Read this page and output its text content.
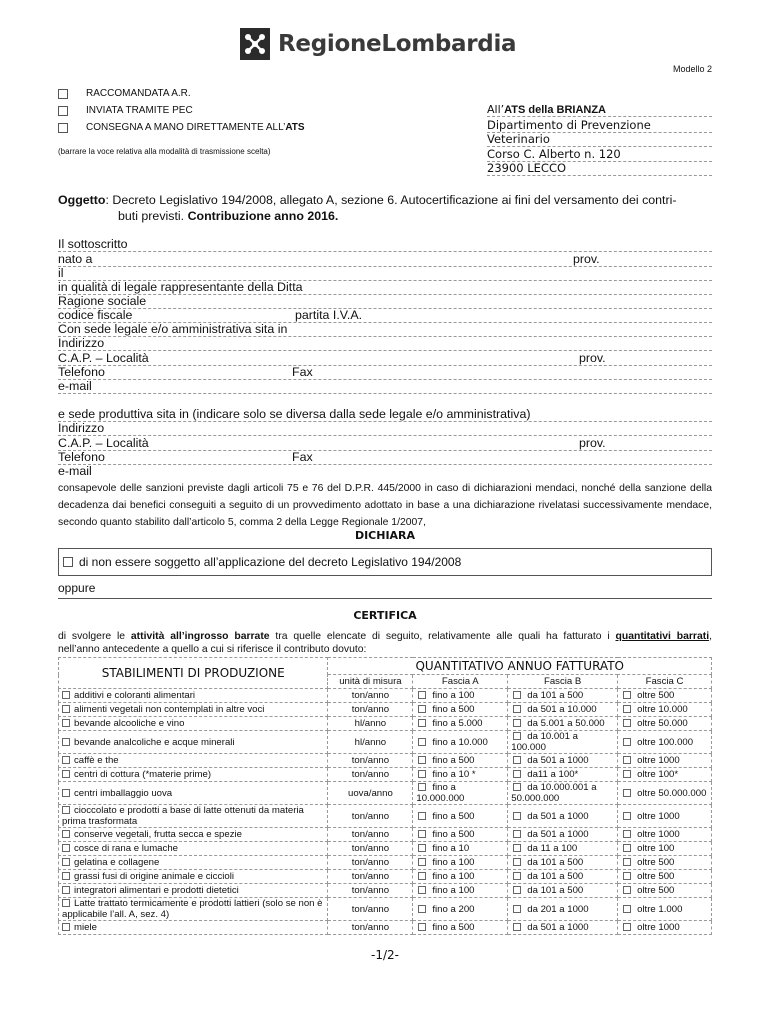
RegioneLombardia
Modello 2
RACCOMANDATA A.R.
INVIATA TRAMITE PEC
CONSEGNA A MANO DIRETTAMENTE ALL’ ATS
(barrare la voce relativa alla modalità di trasmissione scelta)
All’ATS della BRIANZA
Dipartimento di Prevenzione
Veterinario
Corso C. Alberto n. 120
23900 LECCO
Oggetto: Decreto Legislativo 194/2008, allegato A, sezione 6. Autocertificazione ai fini del versamento dei contri-
buti previsti. Contribuzione anno 2016.
Il sottoscritto
nato a	prov.
il
in qualità di legale rappresentante della Ditta
Ragione sociale
codice fiscale	partita I.V.A.
Con sede legale e/o amministrativa sita in
Indirizzo
C.A.P. – Località	prov.
Telefono	Fax
e-mail
e sede produttiva sita in (indicare solo se diversa dalla sede legale e/o amministrativa)
Indirizzo
C.A.P. – Località	prov.
Telefono	Fax
e-mail
consapevole delle sanzioni previste dagli articoli 75 e 76 del D.P.R. 445/2000 in caso di dichiarazioni mendaci, nonché della sanzione della decadenza dai benefici conseguiti a seguito di un provvedimento adottato in base a una dichiarazione rivelatasi successivamente mendace, secondo quanto stabilito dall’articolo 5, comma 2 della Legge Regionale 1/2007,
DICHIARA
di non essere soggetto all’applicazione del decreto Legislativo 194/2008
oppure
CERTIFICA
di svolgere le attività all’ingrosso barrate tra quelle elencate di seguito, relativamente alle quali ha fatturato i quantitativi barrati,
nell’anno antecedente a quello a cui si riferisce il contributo dovuto:
STABILIMENTI DI PRODUZIONE	QUANTITATIVO ANNUO FATTURATO			
	unità di misura	Fascia A	Fascia B	Fascia C
additivi e coloranti alimentari	ton/anno	fino a 100	da 101 a 500	oltre 500
alimenti vegetali non contemplati in altre voci	ton/anno	fino a 500	da 501 a 10.000	oltre 10.000
bevande alcooliche e vino	hl/anno	fino a 5.000	da 5.001 a 50.000	oltre 50.000
bevande analcoliche e acque minerali	hl/anno	fino a 10.000	da 10.001 a 100.000	oltre 100.000
caffè e the	ton/anno	fino a 500	da 501 a 1000	oltre 1000
centri di cottura (*materie prime)	ton/anno	fino a 10 *	da11 a 100*	oltre 100*
centri imballaggio uova	uova/anno	fino a 10.000.000	da 10.000.001 a 50.000.000	oltre 50.000.000
cioccolato e prodotti a base di latte ottenuti da materia prima trasformata	ton/anno	fino a 500	da 501 a 1000	oltre 1000
conserve vegetali, frutta secca e spezie	ton/anno	fino a 500	da 501 a 1000	oltre 1000
cosce di rana e lumache	ton/anno	fino a 10	da 11 a 100	oltre 100
gelatina e collagene	ton/anno	fino a 100	da 101 a 500	oltre 500
grassi fusi di origine animale e ciccioli	ton/anno	fino a 100	da 101 a 500	oltre 500
integratori alimentari e prodotti dietetici	ton/anno	fino a 100	da 101 a 500	oltre 500
Latte trattato termicamente e prodotti lattieri (solo se non è applicabile l’all. A, sez. 4)	ton/anno	fino a 200	da 201 a 1000	oltre 1.000
miele	ton/anno	fino a 500	da 501 a 1000	oltre 1000
-1/2-
